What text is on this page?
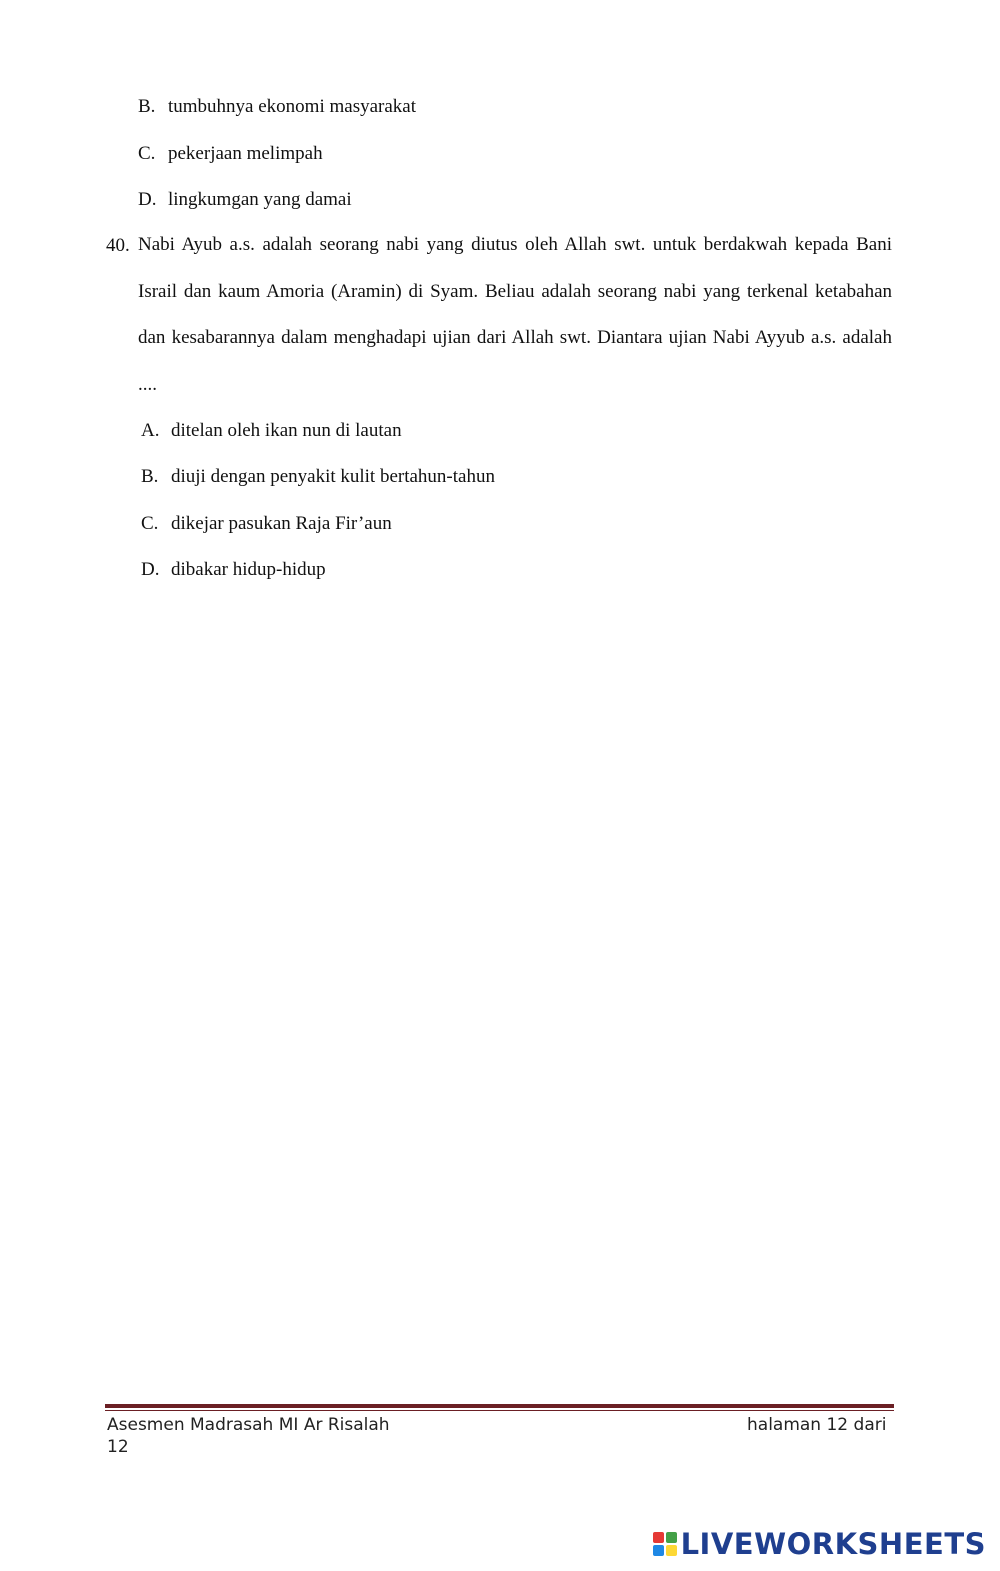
B. tumbuhnya ekonomi masyarakat
C. pekerjaan melimpah
D. lingkumgan yang damai
40. Nabi Ayub a.s. adalah seorang nabi yang diutus oleh Allah swt. untuk berdakwah kepada Bani Israil dan kaum Amoria (Aramin) di Syam. Beliau adalah seorang nabi yang terkenal ketabahan dan kesabarannya dalam menghadapi ujian dari Allah swt. Diantara ujian Nabi Ayyub a.s. adalah ....
A. ditelan oleh ikan nun di lautan
B. diuji dengan penyakit kulit bertahun-tahun
C. dikejar pasukan Raja Fir’aun
D. dibakar hidup-hidup
Asesmen Madrasah MI Ar Risalah	halaman 12 dari
12
LIVEWORKSHEETS
